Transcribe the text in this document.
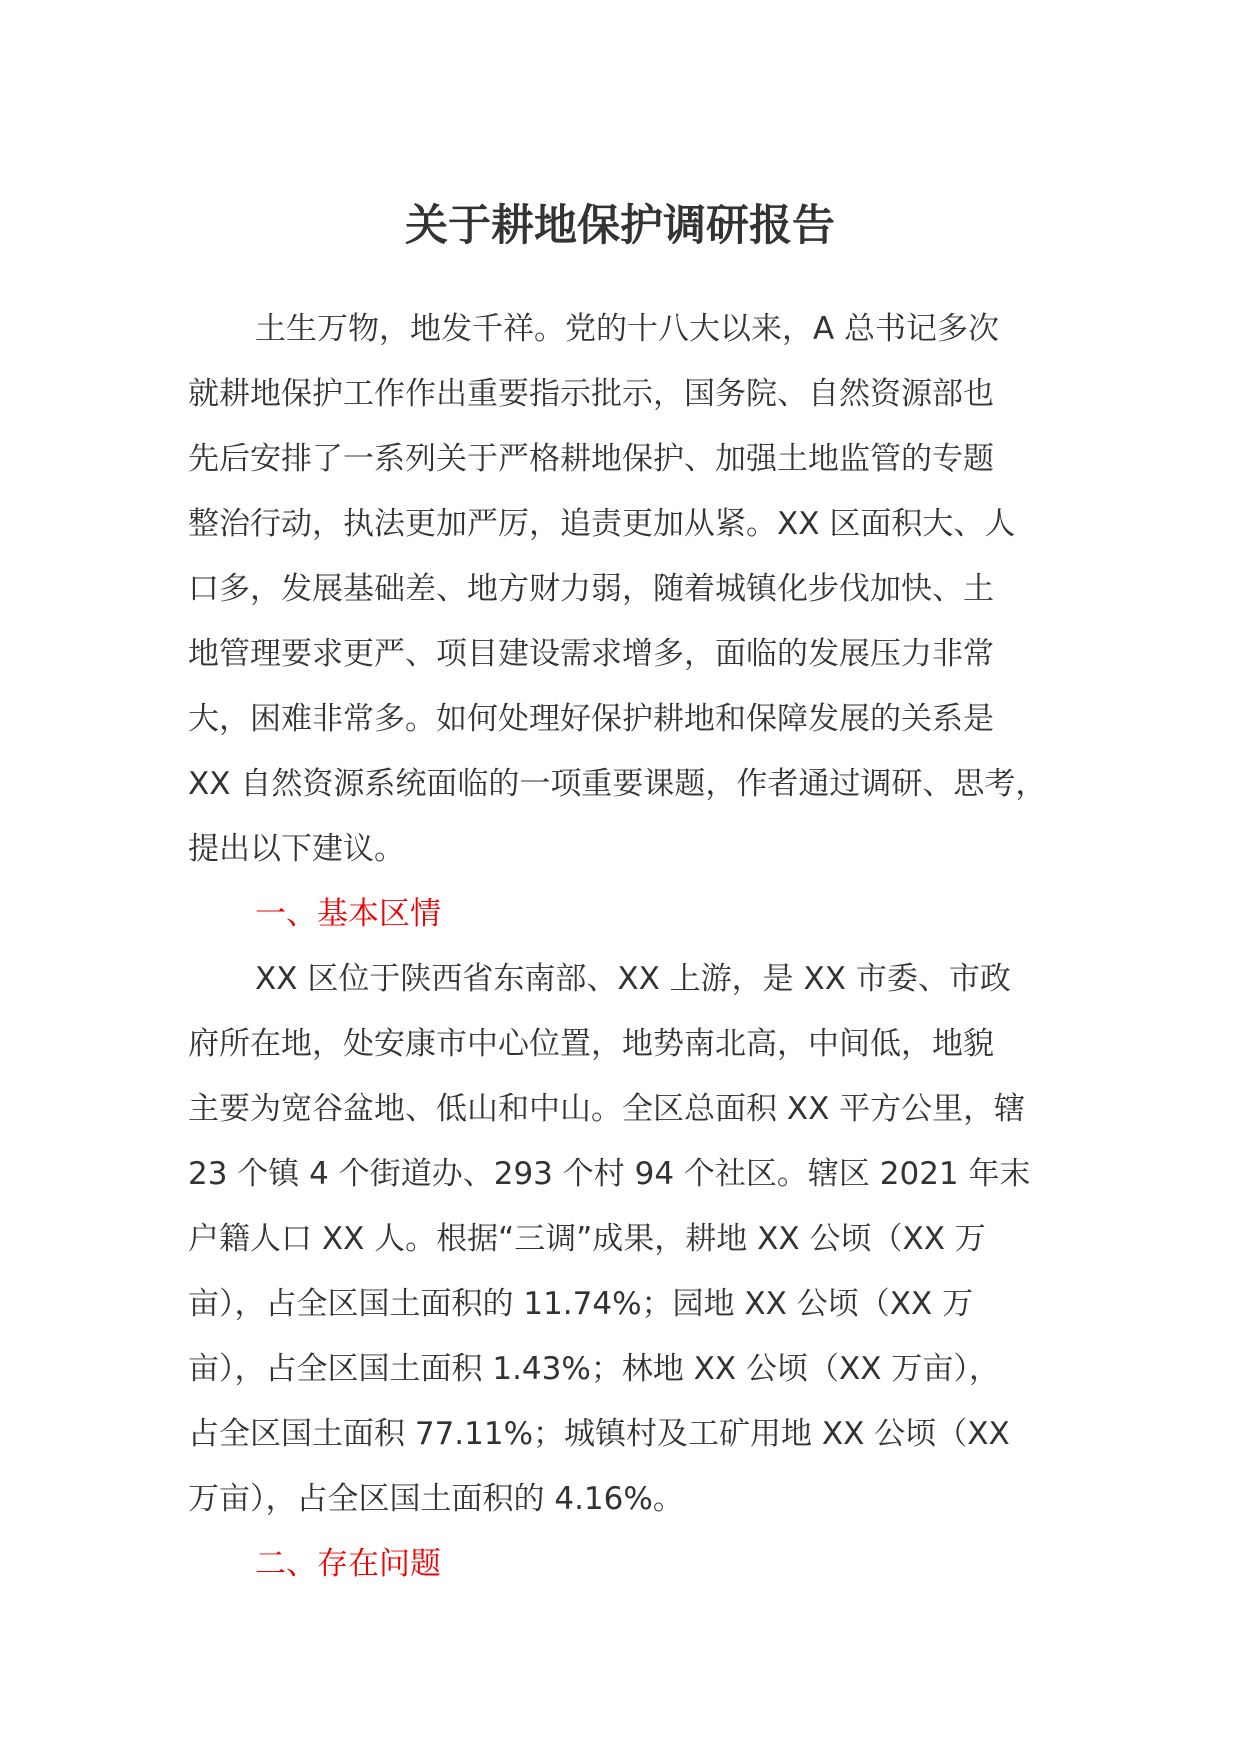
关于耕地保护调研报告
土生万物，地发千祥。党的十八大以来，A 总书记多次
就耕地保护工作作出重要指示批示，国务院、自然资源部也
先后安排了一系列关于严格耕地保护、加强土地监管的专题
整治行动，执法更加严厉，追责更加从紧。XX 区面积大、人
口多，发展基础差、地方财力弱，随着城镇化步伐加快、土
地管理要求更严、项目建设需求增多，面临的发展压力非常
大，困难非常多。如何处理好保护耕地和保障发展的关系是
XX 自然资源系统面临的一项重要课题，作者通过调研、思考，
提出以下建议。
一、基本区情
XX 区位于陕西省东南部、XX 上游，是 XX 市委、市政
府所在地，处安康市中心位置，地势南北高，中间低，地貌
主要为宽谷盆地、低山和中山。全区总面积 XX 平方公里，辖
23 个镇 4 个街道办、293 个村 94 个社区。辖区 2021 年末
户籍人口 XX 人。根据“三调”成果，耕地 XX 公顷（XX 万
亩），占全区国土面积的 11.74%；园地 XX 公顷（XX 万
亩），占全区国土面积 1.43%；林地 XX 公顷（XX 万亩），
占全区国土面积 77.11%；城镇村及工矿用地 XX 公顷（XX
万亩），占全区国土面积的 4.16%。
二、存在问题
